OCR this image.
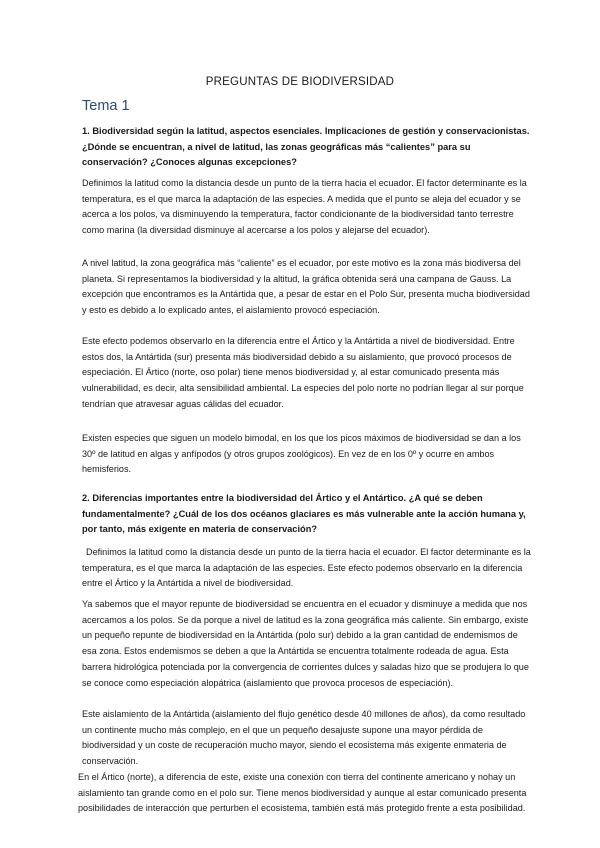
PREGUNTAS DE BIODIVERSIDAD
Tema 1
1. Biodiversidad según la latitud, aspectos esenciales. Implicaciones de gestión y conservacionistas. ¿Dónde se encuentran, a nivel de latitud, las zonas geográficas más “calientes” para su conservación? ¿Conoces algunas excepciones?
Definimos la latitud como la distancia desde un punto de la tierra hacia el ecuador. El factor determinante es la temperatura, es el que marca la adaptación de las especies. A medida que el punto se aleja del ecuador y se acerca a los polos, va disminuyendo la temperatura, factor condicionante de la biodiversidad tanto terrestre como marina (la diversidad disminuye al acercarse a los polos y alejarse del ecuador).
A nivel latitud, la zona geográfica más “caliente” es el ecuador, por este motivo es la zona más biodiversa del planeta. Si representamos la biodiversidad y la altitud, la gráfica obtenida será una campana de Gauss. La excepción que encontramos es la Antártida que, a pesar de estar en el Polo Sur, presenta mucha biodiversidad y esto es debido a lo explicado antes, el aislamiento provocó especiación.
Este efecto podemos observarlo en la diferencia entre el Ártico y la Antártida a nivel de biodiversidad. Entre estos dos, la Antártida (sur) presenta más biodiversidad debido a su aislamiento, que provocó procesos de especiación. El Ártico (norte, oso polar) tiene menos biodiversidad y, al estar comunicado presenta más vulnerabilidad, es decir, alta sensibilidad ambiental. La especies del polo norte no podrían llegar al sur porque tendrían que atravesar aguas cálidas del ecuador.
Existen especies que siguen un modelo bimodal, en los que los picos máximos de biodiversidad se dan a los 30º de latitud en algas y anfípodos (y otros grupos zoológicos). En vez de en los 0º y ocurre en ambos hemisferios.
2. Diferencias importantes entre la biodiversidad del Ártico y el Antártico. ¿A qué se deben fundamentalmente? ¿Cuál de los dos océanos glaciares es más vulnerable ante la acción humana y, por tanto, más exigente en materia de conservación?
Definimos la latitud como la distancia desde un punto de la tierra hacia el ecuador. El factor determinante es la temperatura, es el que marca la adaptación de las especies. Este efecto podemos observarlo en la diferencia entre el Ártico y la Antártida a nivel de biodiversidad.
Ya sabemos que el mayor repunte de biodiversidad se encuentra en el ecuador y disminuye a medida que nos acercamos a los polos. Se da porque a nivel de latitud es la zona geográfica más caliente. Sin embargo, existe un pequeño repunte de biodiversidad en la Antártida (polo sur) debido a la gran cantidad de endemismos de esa zona. Estos endemismos se deben a que la Antártida se encuentra totalmente rodeada de agua. Esta barrera hidrológica potenciada por la convergencia de corrientes dulces y saladas hizo que se produjera lo que se conoce como especiación alopátrica (aislamiento que provoca procesos de especiación).
Este aislamiento de la Antártida (aislamiento del flujo genético desde 40 millones de años), da como resultado un continente mucho más complejo, en el que un pequeño desajuste supone una mayor pérdida de biodiversidad y un coste de recuperación mucho mayor, siendo el ecosistema más exigente enmateria de conservación.
En el Ártico (norte), a diferencia de este, existe una conexión con tierra del continente americano y nohay un aislamiento tan grande como en el polo sur. Tiene menos biodiversidad y aunque al estar comunicado presenta posibilidades de interacción que perturben el ecosistema, también está más protegido frente a esta posibilidad.
